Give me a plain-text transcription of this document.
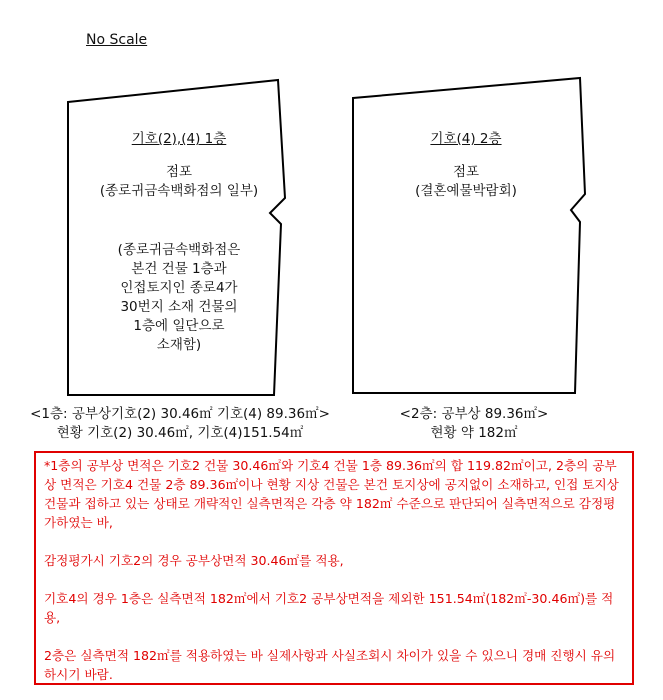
No Scale
기호(2),(4) 1층
점포
(종로귀금속백화점의 일부)
(종로귀금속백화점은
본건 건물 1층과
인접토지인 종로4가
30번지 소재 건물의
1층에 일단으로
소재함)
기호(4) 2층
점포
(결혼예물박람회)
<1층: 공부상기호(2) 30.46㎡ 기호(4) 89.36㎡>
현황 기호(2) 30.46㎡, 기호(4)151.54㎡
<2층: 공부상 89.36㎡>
현황 약 182㎡

*1층의 공부상 면적은 기호2 건물 30.46㎡와 기호4 건물 1층 89.36㎡의 합 119.82㎡이고, 2층의 공부상 면적은 기호4 건물 2층 89.36㎡이나 현황 지상 건물은 본건 토지상에 공지없이 소재하고, 인접 토지상 건물과 접하고 있는 상태로 개략적인 실측면적은 각층 약 182㎡ 수준으로 판단되어 실측면적으로 감정평가하였는 바,

감정평가시 기호2의 경우 공부상면적 30.46㎡를 적용,

기호4의 경우 1층은 실측면적 182㎡에서 기호2 공부상면적을 제외한 151.54㎡(182㎡-30.46㎡)를 적용,

2층은 실측면적 182㎡를 적용하였는 바 실제사항과 사실조회시 차이가 있을 수 있으니 경매 진행시 유의하시기 바람.
